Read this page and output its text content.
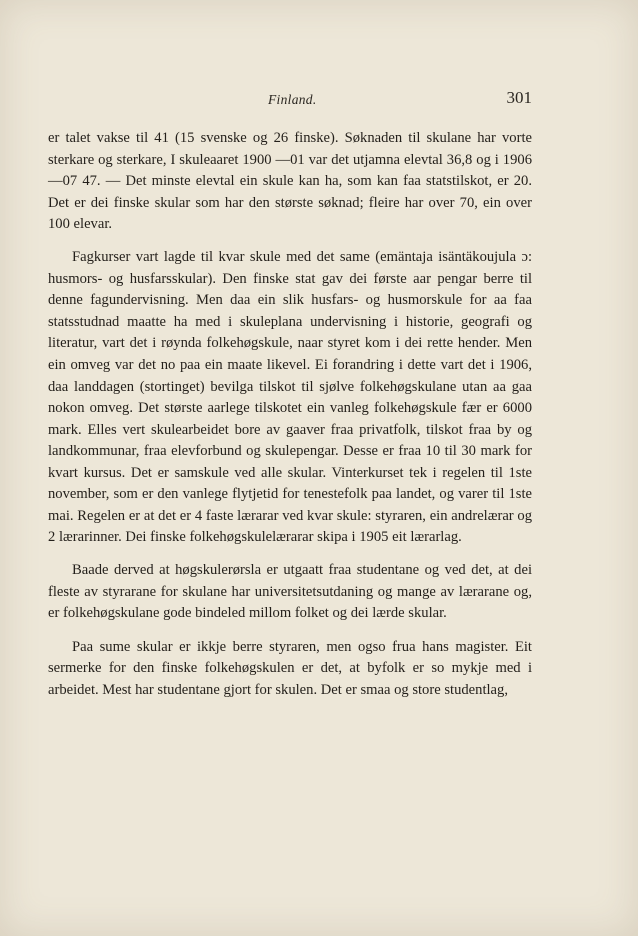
Finland.	301

er talet vakse til 41 (15 svenske og 26 finske). Søknaden til skulane har vorte sterkare og sterkare, I skuleaaret 1900 —01 var det utjamna elevtal 36,8 og i 1906—07 47. — Det minste elevtal ein skule kan ha, som kan faa statstilskot, er 20. Det er dei finske skular som har den største søknad; fleire har over 70, ein over 100 elevar.

Fagkurser vart lagde til kvar skule med det same (emäntaja isäntäkoujula ɔ: husmors- og husfarsskular). Den finske stat gav dei første aar pengar berre til denne fagundervisning. Men daa ein slik husfars- og husmorskule for aa faa statsstudnad maatte ha med i skuleplana undervisning i historie, geografi og literatur, vart det i røynda folkehøgskule, naar styret kom i dei rette hender. Men ein omveg var det no paa ein maate likevel. Ei forandring i dette vart det i 1906, daa landdagen (stortinget) bevilga tilskot til sjølve folkehøgskulane utan aa gaa nokon omveg. Det største aarlege tilskotet ein vanleg folkehøgskule fær er 6000 mark. Elles vert skulearbeidet bore av gaaver fraa privatfolk, tilskot fraa by og landkommunar, fraa elevforbund og skulepengar. Desse er fraa 10 til 30 mark for kvart kursus. Det er samskule ved alle skular. Vinterkurset tek i regelen til 1ste november, som er den vanlege flytjetid for tenestefolk paa landet, og varer til 1ste mai. Regelen er at det er 4 faste lærarar ved kvar skule: styraren, ein andrelærar og 2 lærarinner. Dei finske folkehøgskulelærarar skipa i 1905 eit lærarlag.

Baade derved at høgskulerørsla er utgaatt fraa studentane og ved det, at dei fleste av styrarane for skulane har universitetsutdaning og mange av lærarane og, er folkehøgskulane gode bindeled millom folket og dei lærde skular.

Paa sume skular er ikkje berre styraren, men ogso frua hans magister. Eit sermerke for den finske folkehøgskulen er det, at byfolk er so mykje med i arbeidet. Mest har studentane gjort for skulen. Det er smaa og store studentlag,
